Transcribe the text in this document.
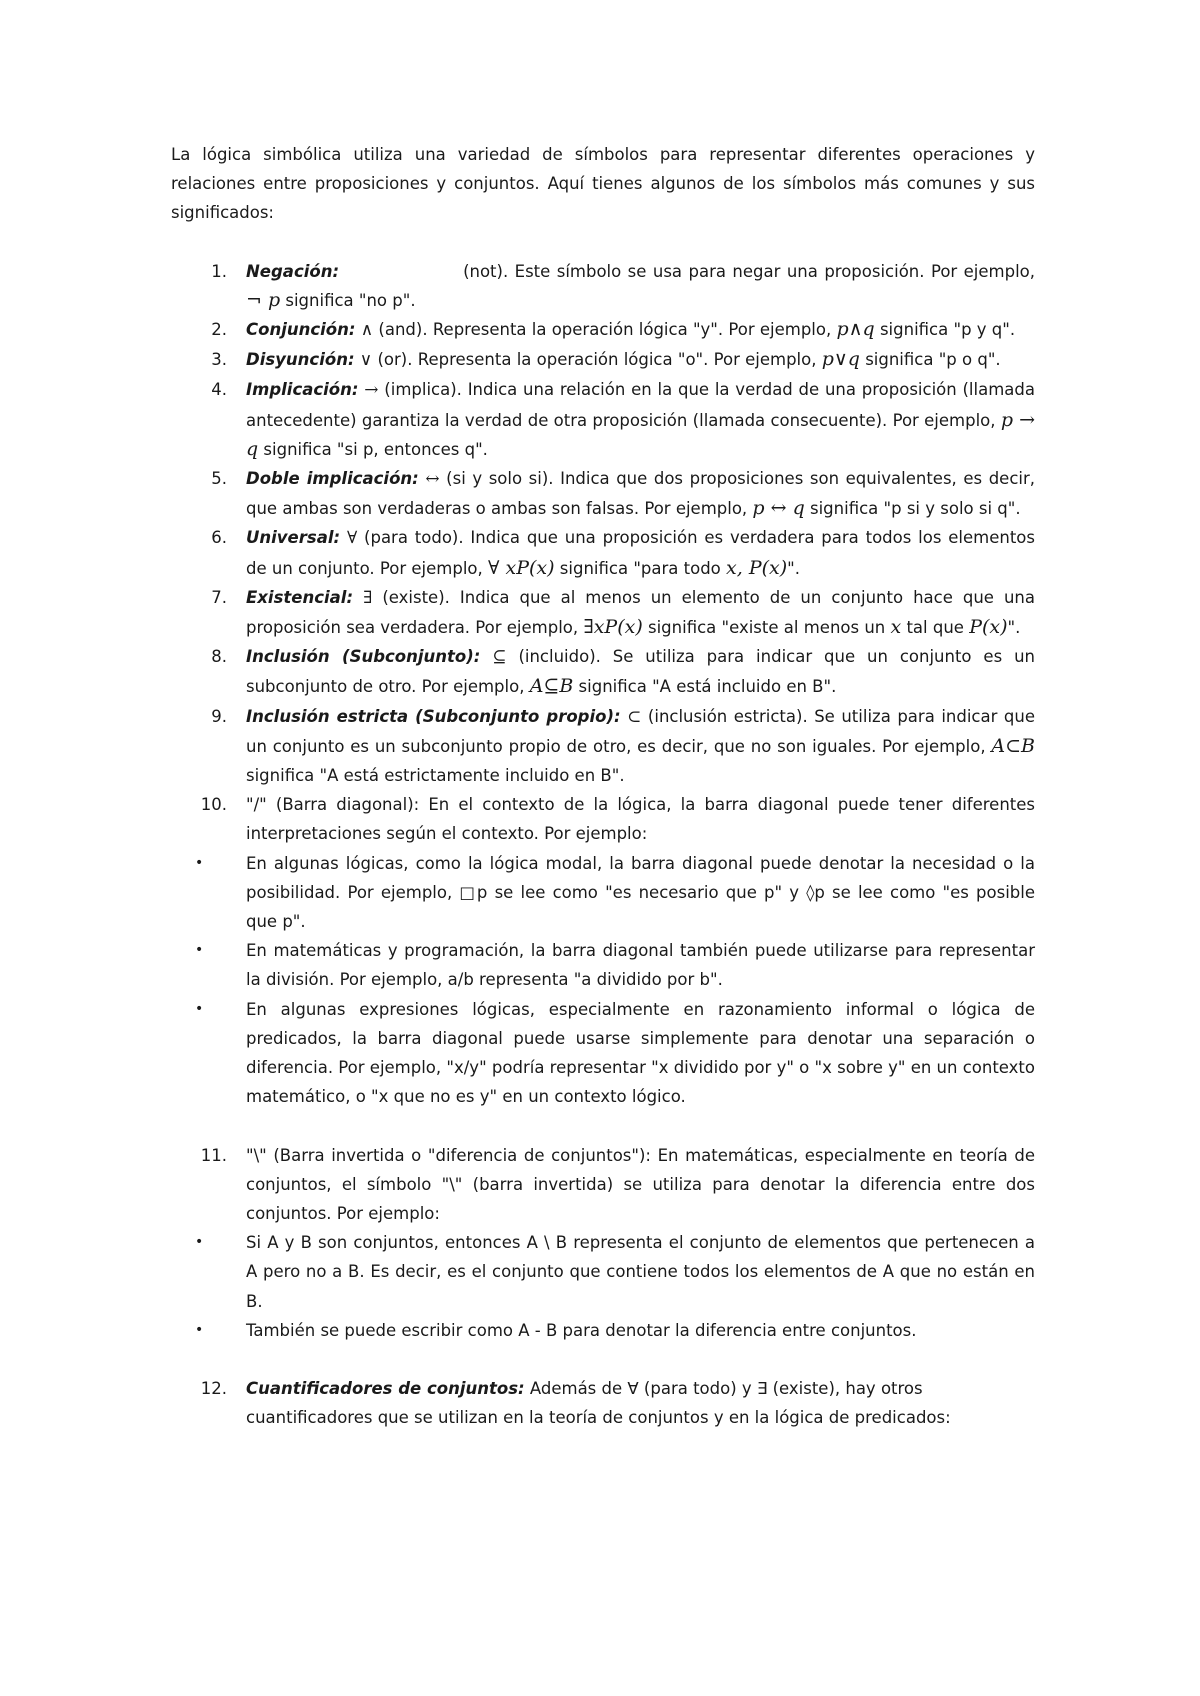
La lógica simbólica utiliza una variedad de símbolos para representar diferentes operaciones y relaciones entre proposiciones y conjuntos. Aquí tienes algunos de los símbolos más comunes y sus significados:

1. Negación:	(not). Este símbolo se usa para negar una proposición. Por ejemplo, ¬ p significa "no p".
2. Conjunción: ∧ (and). Representa la operación lógica "y". Por ejemplo, p∧q significa "p y q".
3. Disyunción: ∨ (or). Representa la operación lógica "o". Por ejemplo, p∨q significa "p o q".
4. Implicación: → (implica). Indica una relación en la que la verdad de una proposición (llamada antecedente) garantiza la verdad de otra proposición (llamada consecuente). Por ejemplo, p → q significa "si p, entonces q".
5. Doble implicación: ↔ (si y solo si). Indica que dos proposiciones son equivalentes, es decir, que ambas son verdaderas o ambas son falsas. Por ejemplo, p ↔ q significa "p si y solo si q".
6. Universal: ∀ (para todo). Indica que una proposición es verdadera para todos los elementos de un conjunto. Por ejemplo, ∀ xP(x) significa "para todo x, P(x)".
7. Existencial: ∃ (existe). Indica que al menos un elemento de un conjunto hace que una proposición sea verdadera. Por ejemplo, ∃xP(x) significa "existe al menos un x tal que P(x)".
8. Inclusión (Subconjunto): ⊆ (incluido). Se utiliza para indicar que un conjunto es un subconjunto de otro. Por ejemplo, A⊆B significa "A está incluido en B".
9. Inclusión estricta (Subconjunto propio): ⊂ (inclusión estricta). Se utiliza para indicar que un conjunto es un subconjunto propio de otro, es decir, que no son iguales. Por ejemplo, A⊂B significa "A está estrictamente incluido en B".
10. "/" (Barra diagonal): En el contexto de la lógica, la barra diagonal puede tener diferentes interpretaciones según el contexto. Por ejemplo:
•	En algunas lógicas, como la lógica modal, la barra diagonal puede denotar la necesidad o la posibilidad. Por ejemplo, □p se lee como "es necesario que p" y ◊p se lee como "es posible que p".
•	En matemáticas y programación, la barra diagonal también puede utilizarse para representar la división. Por ejemplo, a/b representa "a dividido por b".
•	En algunas expresiones lógicas, especialmente en razonamiento informal o lógica de predicados, la barra diagonal puede usarse simplemente para denotar una separación o diferencia. Por ejemplo, "x/y" podría representar "x dividido por y" o "x sobre y" en un contexto matemático, o "x que no es y" en un contexto lógico.
11. "\" (Barra invertida o "diferencia de conjuntos"): En matemáticas, especialmente en teoría de conjuntos, el símbolo "\" (barra invertida) se utiliza para denotar la diferencia entre dos conjuntos. Por ejemplo:
•	Si A y B son conjuntos, entonces A \ B representa el conjunto de elementos que pertenecen a A pero no a B. Es decir, es el conjunto que contiene todos los elementos de A que no están en B.
•	También se puede escribir como A - B para denotar la diferencia entre conjuntos.
12. Cuantificadores de conjuntos: Además de ∀ (para todo) y ∃ (existe), hay otros cuantificadores que se utilizan en la teoría de conjuntos y en la lógica de predicados:
